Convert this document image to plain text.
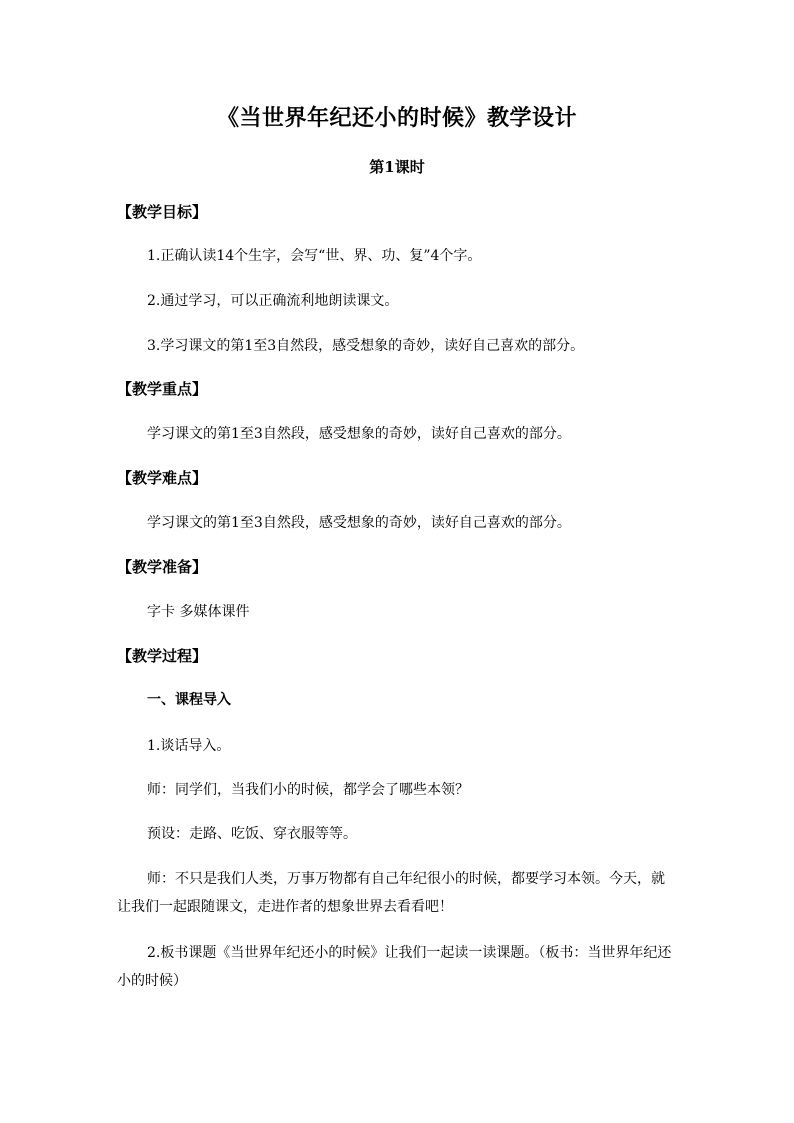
《当世界年纪还小的时候》教学设计
第1课时
【教学目标】
1.正确认读14个生字，会写“世、界、功、复”4个字。
2.通过学习，可以正确流利地朗读课文。
3.学习课文的第1至3自然段，感受想象的奇妙，读好自己喜欢的部分。
【教学重点】
学习课文的第1至3自然段，感受想象的奇妙，读好自己喜欢的部分。
【教学难点】
学习课文的第1至3自然段，感受想象的奇妙，读好自己喜欢的部分。
【教学准备】
字卡 多媒体课件
【教学过程】
一、课程导入
1.谈话导入。
师：同学们，当我们小的时候，都学会了哪些本领？
预设：走路、吃饭、穿衣服等等。
师：不只是我们人类，万事万物都有自己年纪很小的时候，都要学习本领。今天，就让我们一起跟随课文，走进作者的想象世界去看看吧！
2.板书课题《当世界年纪还小的时候》让我们一起读一读课题。（板书：当世界年纪还小的时候）
